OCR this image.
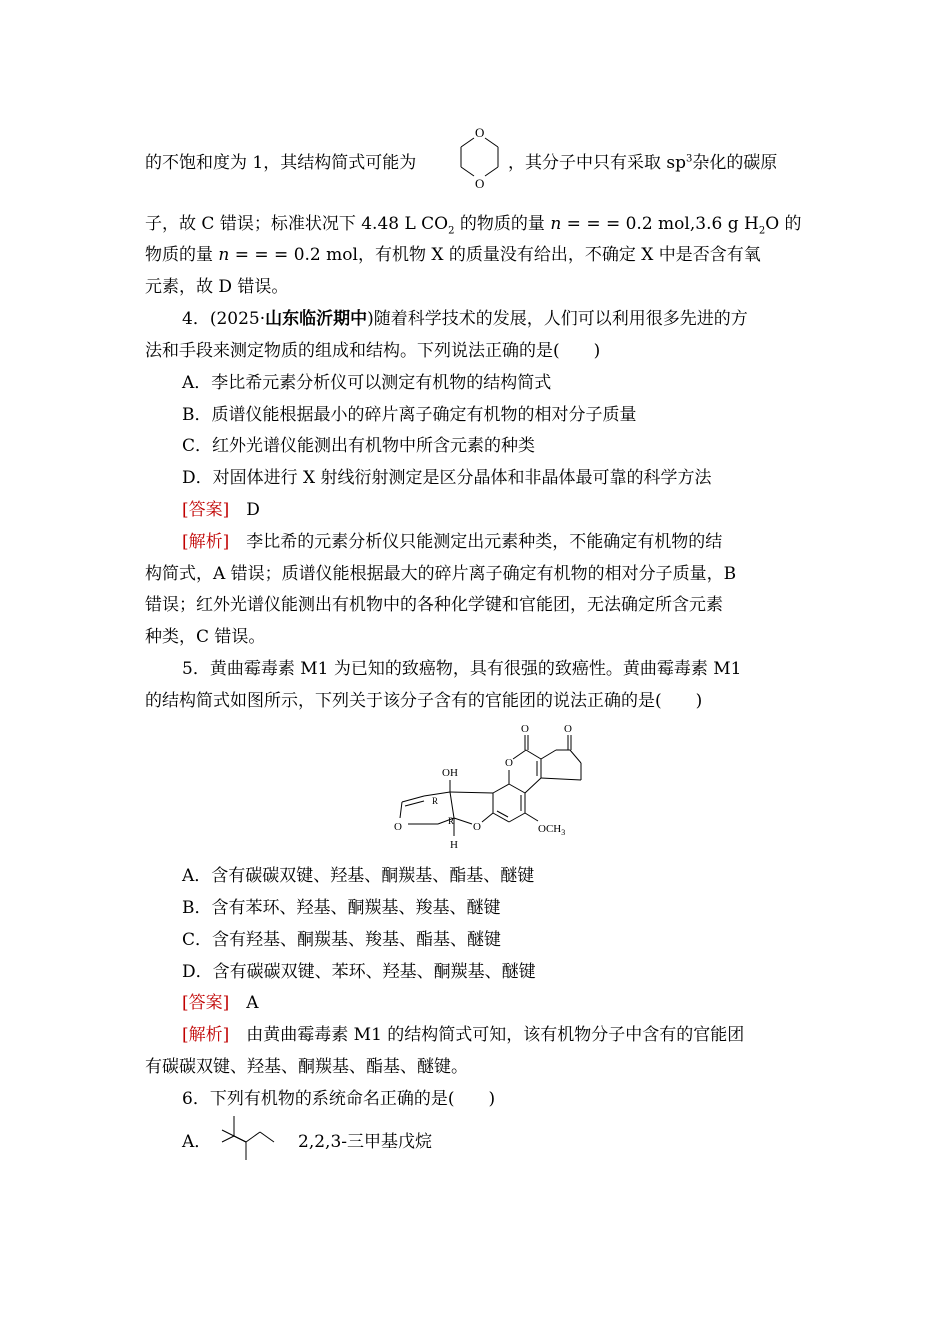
的不饱和度为 1，其结构简式可能为
O
O
，其分子中只有采取 $sp^3$杂化的碳原
子，故 C 错误；标准状况下 4.48 L $CO_2$ 的物质的量 n = = = 0.2 mol,3.6 g $H_2O$ 的
物质的量 n = = = 0.2 mol，有机物 X 的质量没有给出，不确定 X 中是否含有氧
元素，故 D 错误。
4．(2025·山东临沂期中)随着科学技术的发展，人们可以利用很多先进的方
法和手段来测定物质的组成和结构。下列说法正确的是(　　)
A．李比希元素分析仪可以测定有机物的结构简式
B．质谱仪能根据最小的碎片离子确定有机物的相对分子质量
C．红外光谱仪能测出有机物中所含元素的种类
D．对固体进行 X 射线衍射测定是区分晶体和非晶体最可靠的科学方法
[答案]　 D
[解析]　 李比希的元素分析仪只能测定出元素种类，不能确定有机物的结
构简式，A 错误；质谱仪能根据最大的碎片离子确定有机物的相对分子质量，B
错误；红外光谱仪能测出有机物中的各种化学键和官能团，无法确定所含元素
种类，C 错误。
5．黄曲霉毒素 M1 为已知的致癌物，具有很强的致癌性。黄曲霉毒素 M1
的结构简式如图所示，下列关于该分子含有的官能团的说法正确的是(　　)
O	O
O
$OCH_3$
OH
R
R O
H
O
A．含有碳碳双键、羟基、酮羰基、酯基、醚键
B．含有苯环、羟基、酮羰基、羧基、醚键
C．含有羟基、酮羰基、羧基、酯基、醚键
D．含有碳碳双键、苯环、羟基、酮羰基、醚键
[答案]　 A
[解析]　 由黄曲霉毒素 M1 的结构简式可知，该有机物分子中含有的官能团
有碳碳双键、羟基、酮羰基、酯基、醚键。
6．下列有机物的系统命名正确的是(　　)
A．	2,2,3-三甲基戊烷
